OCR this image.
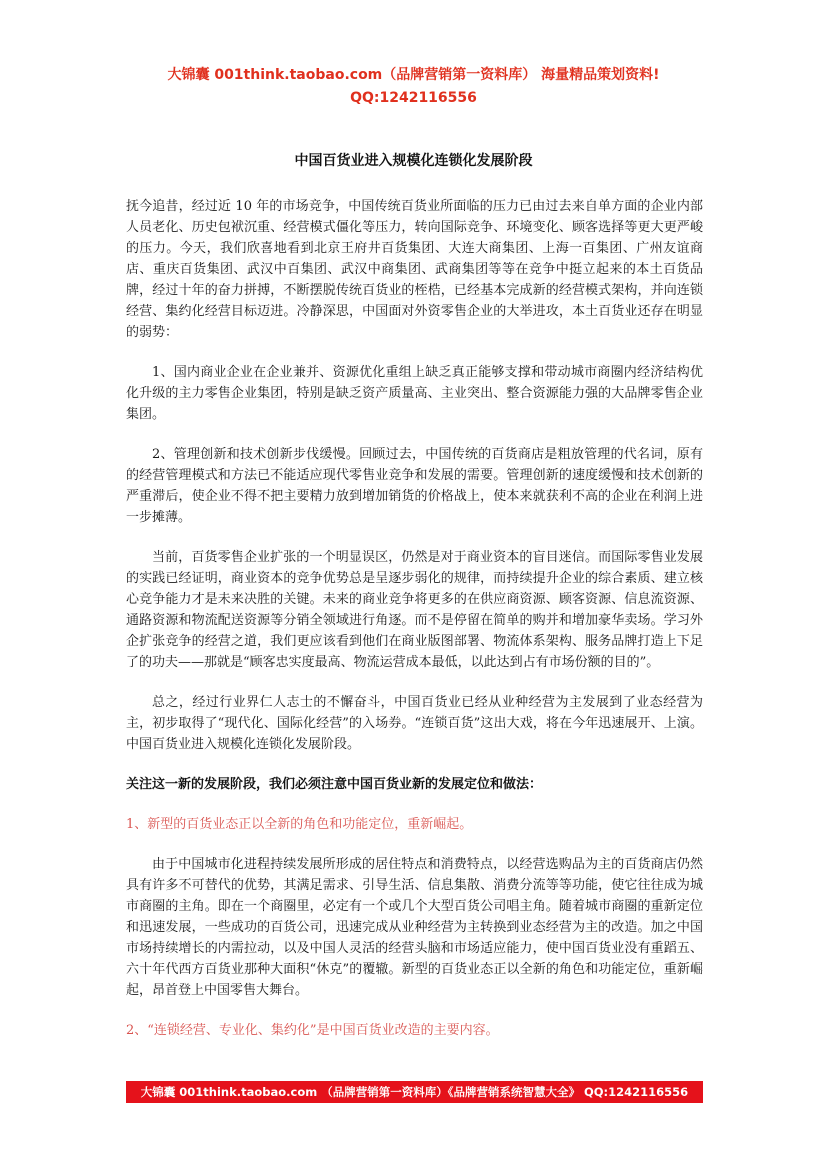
大锦囊 001think.taobao.com（品牌营销第一资料库） 海量精品策划资料!
QQ:1242116556
中国百货业进入规模化连锁化发展阶段

抚今追昔，经过近 10 年的市场竞争，中国传统百货业所面临的压力已由过去来自单方面的企业内部人员老化、历史包袱沉重、经营模式僵化等压力，转向国际竞争、环境变化、顾客选择等更大更严峻的压力。今天，我们欣喜地看到北京王府井百货集团、大连大商集团、上海一百集团、广州友谊商店、重庆百货集团、武汉中百集团、武汉中商集团、武商集团等等在竞争中挺立起来的本土百货品牌，经过十年的奋力拼搏，不断摆脱传统百货业的桎梏，已经基本完成新的经营模式架构，并向连锁经营、集约化经营目标迈进。冷静深思，中国面对外资零售企业的大举进攻，本土百货业还存在明显的弱势：

1、国内商业企业在企业兼并、资源优化重组上缺乏真正能够支撑和带动城市商圈内经济结构优化升级的主力零售企业集团，特别是缺乏资产质量高、主业突出、整合资源能力强的大品牌零售企业集团。

2、管理创新和技术创新步伐缓慢。回顾过去，中国传统的百货商店是粗放管理的代名词，原有的经营管理模式和方法已不能适应现代零售业竞争和发展的需要。管理创新的速度缓慢和技术创新的严重滞后，使企业不得不把主要精力放到增加销货的价格战上，使本来就获利不高的企业在利润上进一步摊薄。

当前，百货零售企业扩张的一个明显误区，仍然是对于商业资本的盲目迷信。而国际零售业发展的实践已经证明，商业资本的竞争优势总是呈逐步弱化的规律，而持续提升企业的综合素质、建立核心竞争能力才是未来决胜的关键。未来的商业竞争将更多的在供应商资源、顾客资源、信息流资源、通路资源和物流配送资源等分销全领域进行角逐。而不是停留在简单的购并和增加豪华卖场。学习外企扩张竞争的经营之道，我们更应该看到他们在商业版图部署、物流体系架构、服务品牌打造上下足了的功夫——那就是“顾客忠实度最高、物流运营成本最低，以此达到占有市场份额的目的”。

总之，经过行业界仁人志士的不懈奋斗，中国百货业已经从业种经营为主发展到了业态经营为主，初步取得了“现代化、国际化经营”的入场券。“连锁百货”这出大戏，将在今年迅速展开、上演。中国百货业进入规模化连锁化发展阶段。

关注这一新的发展阶段，我们必须注意中国百货业新的发展定位和做法：

1、新型的百货业态正以全新的角色和功能定位，重新崛起。

由于中国城市化进程持续发展所形成的居住特点和消费特点，以经营选购品为主的百货商店仍然具有许多不可替代的优势，其满足需求、引导生活、信息集散、消费分流等等功能，使它往往成为城市商圈的主角。即在一个商圈里，必定有一个或几个大型百货公司唱主角。随着城市商圈的重新定位和迅速发展，一些成功的百货公司，迅速完成从业种经营为主转换到业态经营为主的改造。加之中国市场持续增长的内需拉动，以及中国人灵活的经营头脑和市场适应能力，使中国百货业没有重蹈五、六十年代西方百货业那种大面积“休克”的覆辙。新型的百货业态正以全新的角色和功能定位，重新崛起，昂首登上中国零售大舞台。

2、“连锁经营、专业化、集约化”是中国百货业改造的主要内容。

大锦囊 001think.taobao.com （品牌营销第一资料库）《品牌营销系统智慧大全》 QQ:1242116556
